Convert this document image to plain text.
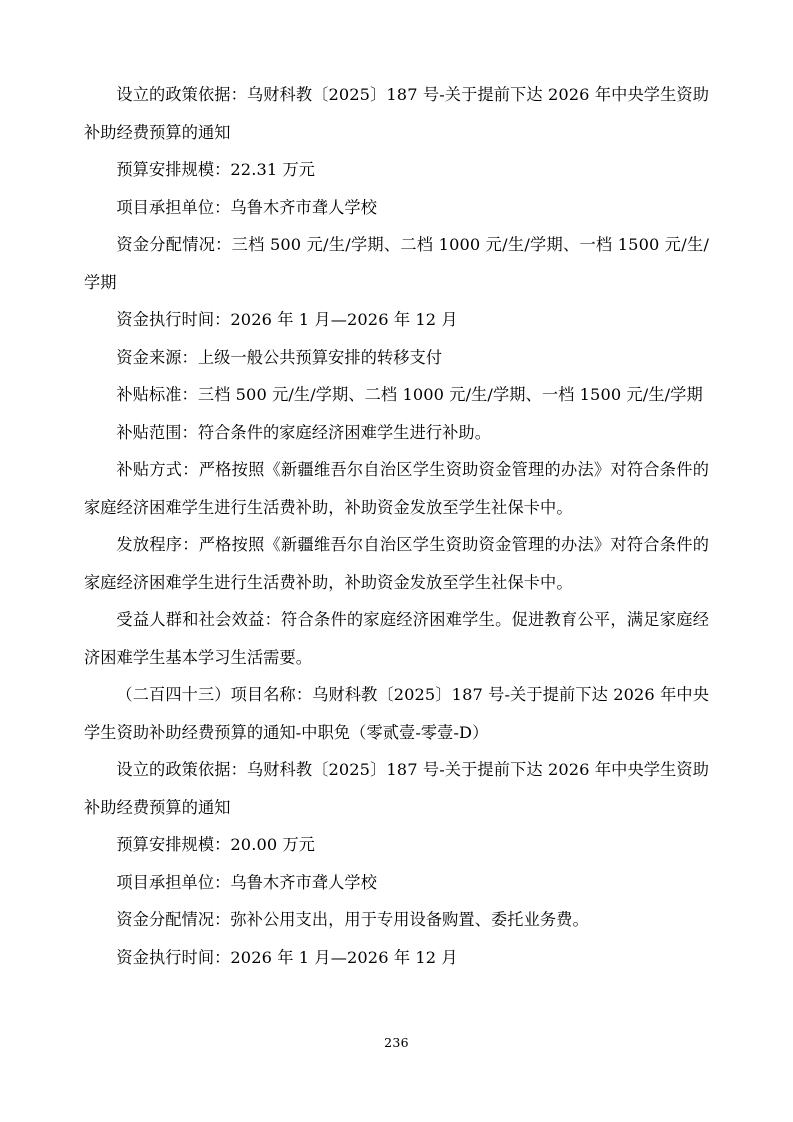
设立的政策依据：乌财科教〔2025〕187 号-关于提前下达 2026 年中央学生资助补助经费预算的通知

预算安排规模：22.31 万元

项目承担单位：乌鲁木齐市聋人学校

资金分配情况：三档 500 元/生/学期、二档 1000 元/生/学期、一档 1500 元/生/学期

资金执行时间：2026 年 1 月—2026 年 12 月

资金来源：上级一般公共预算安排的转移支付

补贴标准：三档 500 元/生/学期、二档 1000 元/生/学期、一档 1500 元/生/学期

补贴范围：符合条件的家庭经济困难学生进行补助。

补贴方式：严格按照《新疆维吾尔自治区学生资助资金管理的办法》对符合条件的家庭经济困难学生进行生活费补助，补助资金发放至学生社保卡中。

发放程序：严格按照《新疆维吾尔自治区学生资助资金管理的办法》对符合条件的家庭经济困难学生进行生活费补助，补助资金发放至学生社保卡中。

受益人群和社会效益：符合条件的家庭经济困难学生。促进教育公平，满足家庭经济困难学生基本学习生活需要。

（二百四十三）项目名称：乌财科教〔2025〕187 号-关于提前下达 2026 年中央学生资助补助经费预算的通知-中职免（零贰壹-零壹-D）

设立的政策依据：乌财科教〔2025〕187 号-关于提前下达 2026 年中央学生资助补助经费预算的通知

预算安排规模：20.00 万元

项目承担单位：乌鲁木齐市聋人学校

资金分配情况：弥补公用支出，用于专用设备购置、委托业务费。

资金执行时间：2026 年 1 月—2026 年 12 月

236
